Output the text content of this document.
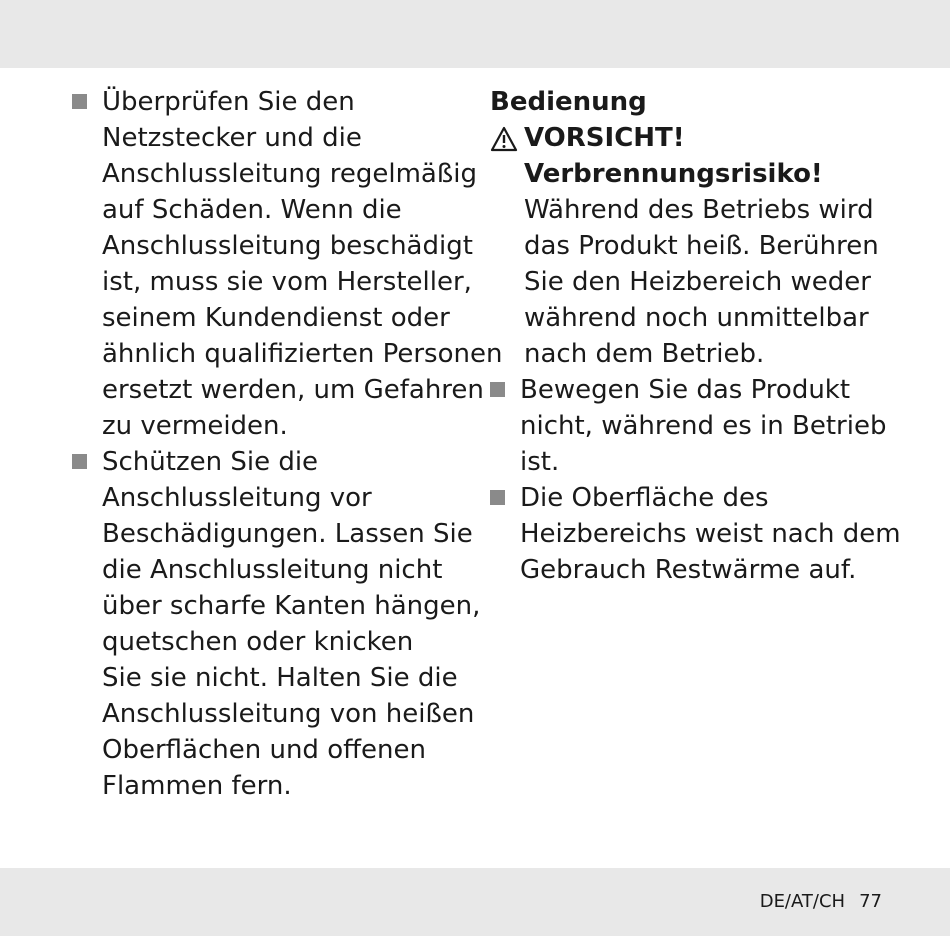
Überprüfen Sie den
Netzstecker und die
Anschlussleitung regelmäßig
auf Schäden. Wenn die
Anschlussleitung beschädigt
ist, muss sie vom Hersteller,
seinem Kundendienst oder
ähnlich qualifizierten Personen
ersetzt werden, um Gefahren
zu vermeiden.
Schützen Sie die
Anschlussleitung vor
Beschädigungen. Lassen Sie
die Anschlussleitung nicht
über scharfe Kanten hängen,
quetschen oder knicken
Sie sie nicht. Halten Sie die
Anschlussleitung von heißen
Oberflächen und offenen
Flammen fern.
Bedienung
VORSICHT!
Verbrennungsrisiko!
Während des Betriebs wird
das Produkt heiß. Berühren
Sie den Heizbereich weder
während noch unmittelbar
nach dem Betrieb.
Bewegen Sie das Produkt
nicht, während es in Betrieb
ist.
Die Oberfläche des
Heizbereichs weist nach dem
Gebrauch Restwärme auf.
DE/AT/CH 77
